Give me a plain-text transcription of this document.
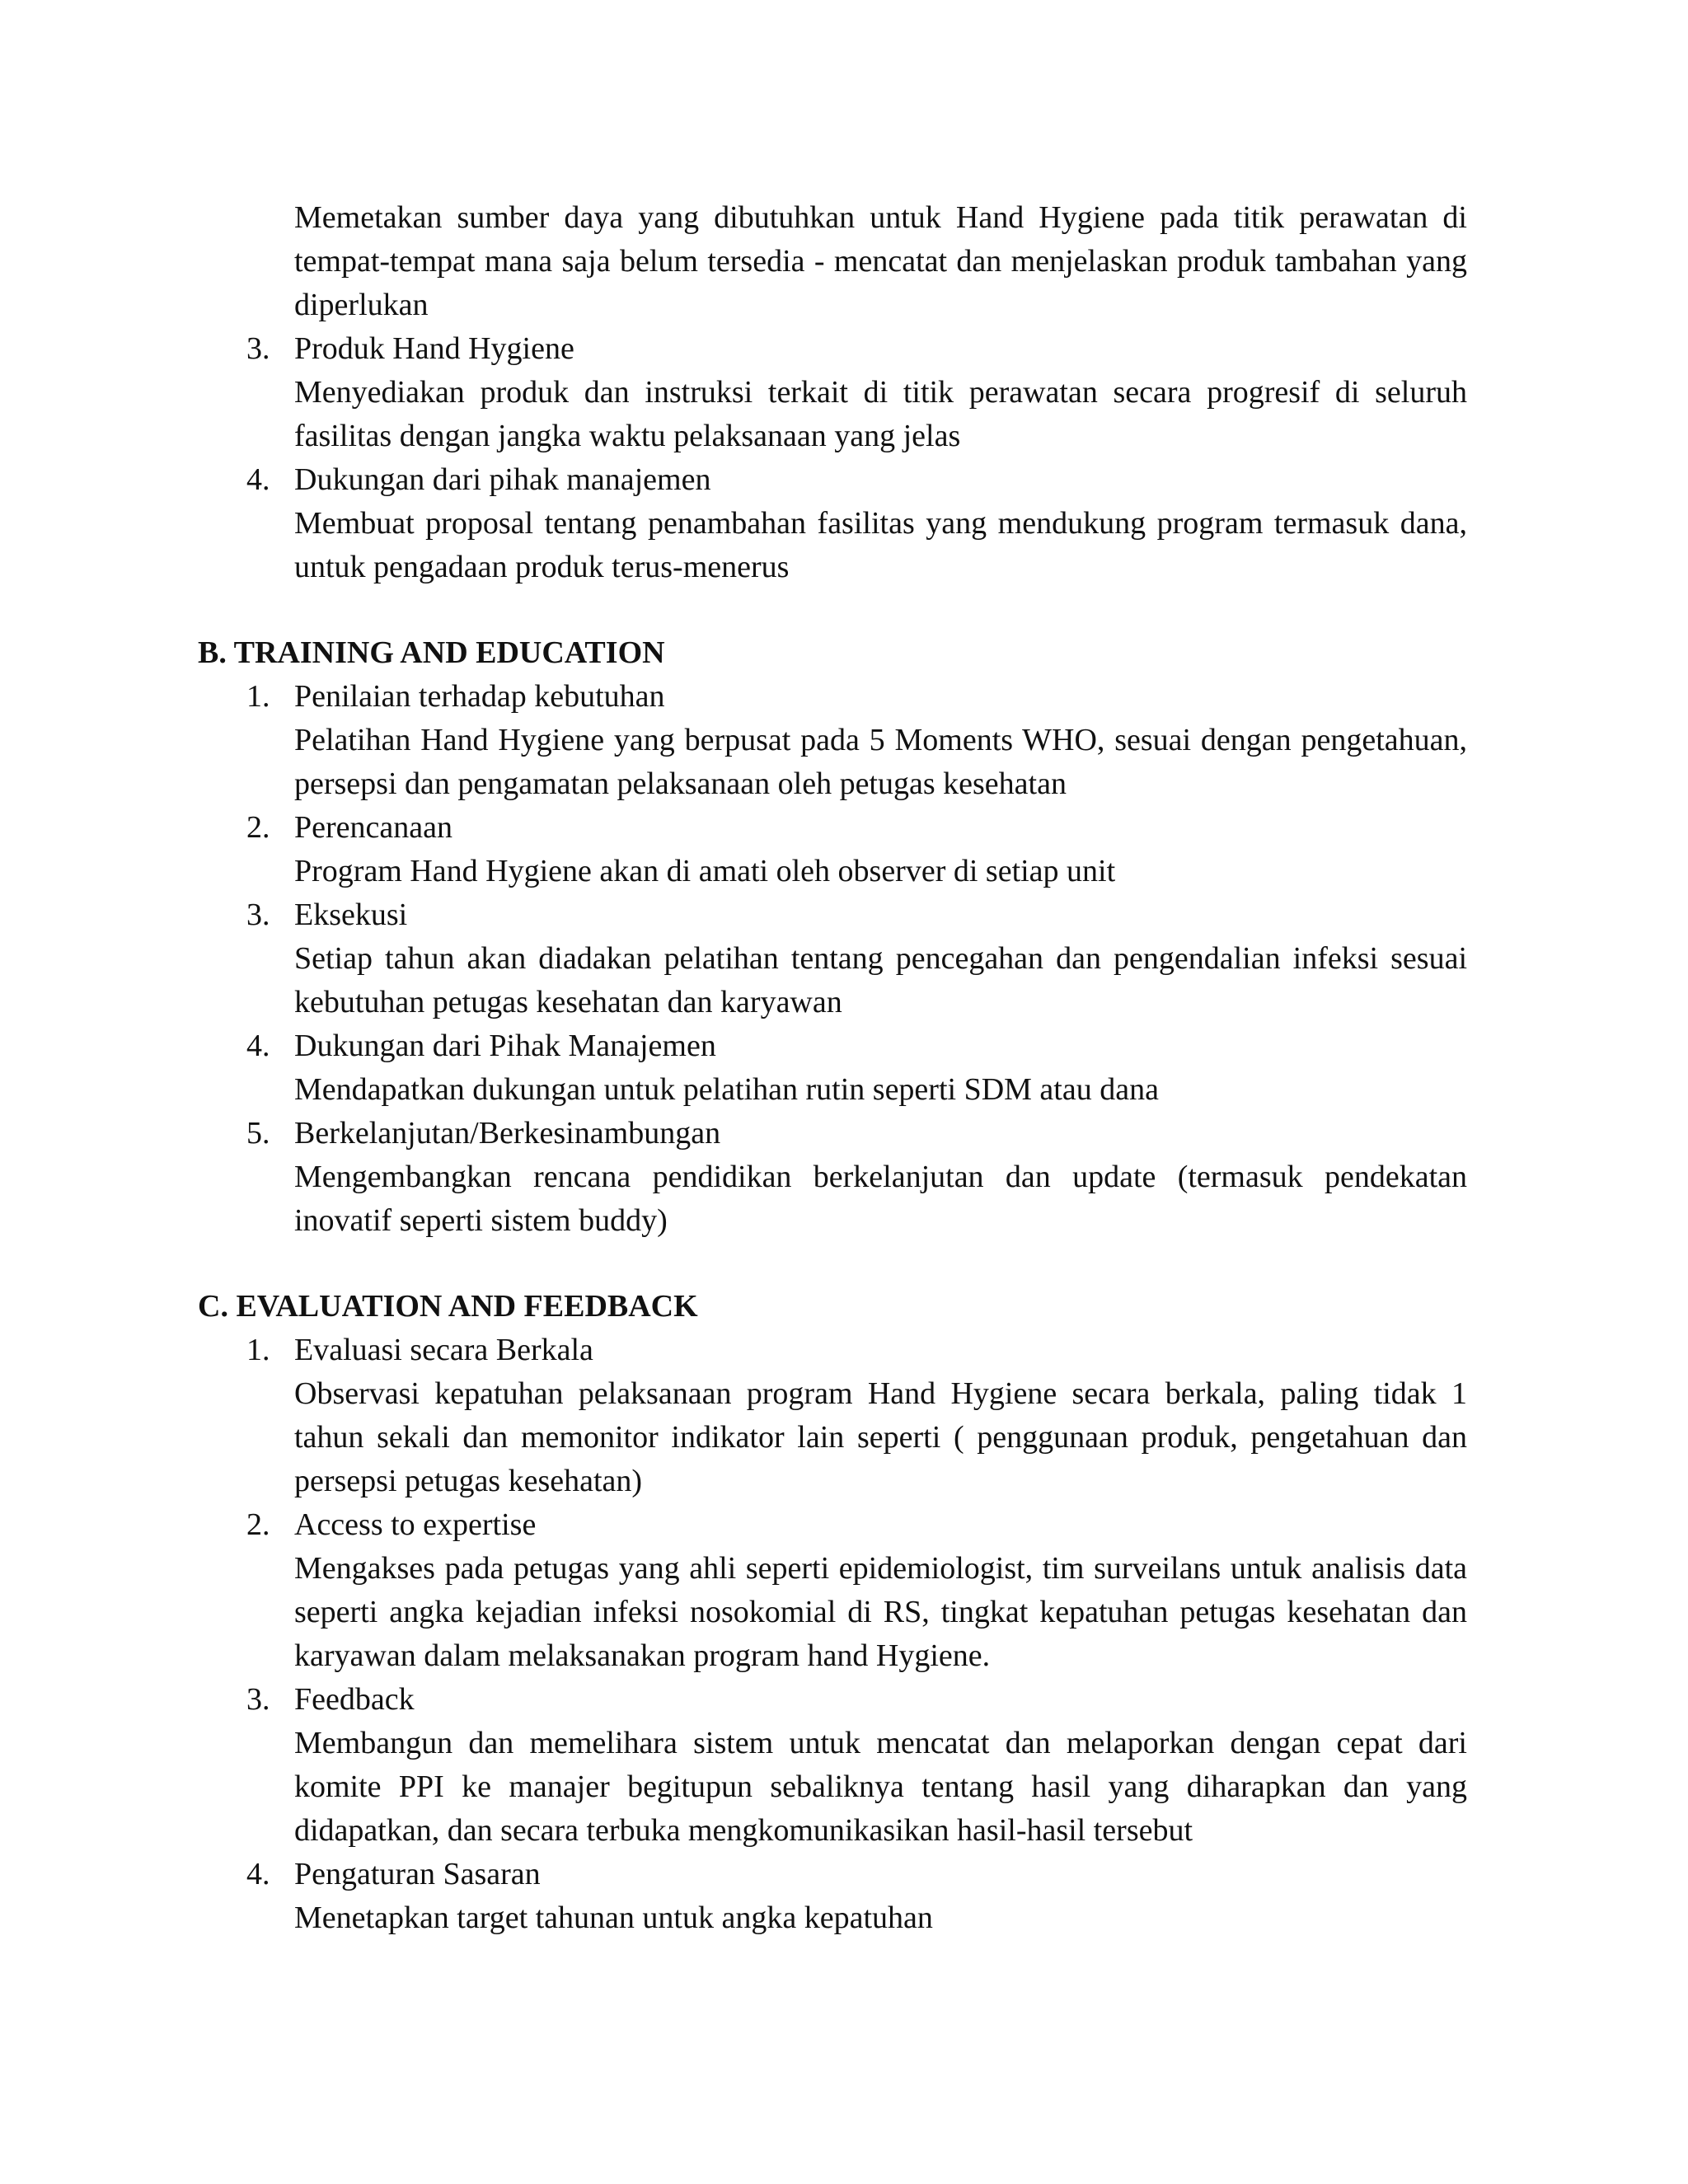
Memetakan sumber daya yang dibutuhkan untuk Hand Hygiene pada titik perawatan di tempat-tempat mana saja belum tersedia - mencatat dan menjelaskan produk tambahan yang diperlukan
3. Produk Hand Hygiene
Menyediakan produk dan instruksi terkait di titik perawatan secara progresif di seluruh fasilitas dengan jangka waktu pelaksanaan yang jelas
4. Dukungan dari pihak manajemen
Membuat proposal tentang penambahan fasilitas yang mendukung program termasuk dana, untuk pengadaan produk terus-menerus
B. TRAINING AND EDUCATION
1. Penilaian terhadap kebutuhan
Pelatihan Hand Hygiene yang berpusat pada 5 Moments WHO, sesuai dengan pengetahuan, persepsi dan pengamatan pelaksanaan oleh petugas kesehatan
2. Perencanaan
Program Hand Hygiene akan di amati oleh observer di setiap unit
3. Eksekusi
Setiap tahun akan diadakan pelatihan tentang pencegahan dan pengendalian infeksi sesuai kebutuhan petugas kesehatan dan karyawan
4. Dukungan dari Pihak Manajemen
Mendapatkan dukungan untuk pelatihan rutin seperti SDM atau dana
5. Berkelanjutan/Berkesinambungan
Mengembangkan rencana pendidikan berkelanjutan dan update (termasuk pendekatan inovatif seperti sistem buddy)
C. EVALUATION AND FEEDBACK
1. Evaluasi secara Berkala
Observasi kepatuhan pelaksanaan program Hand Hygiene secara berkala, paling tidak 1 tahun sekali dan memonitor indikator lain seperti ( penggunaan produk, pengetahuan dan persepsi petugas kesehatan)
2. Access to expertise
Mengakses pada petugas yang ahli seperti epidemiologist, tim surveilans untuk analisis data seperti angka kejadian infeksi nosokomial di RS, tingkat kepatuhan petugas kesehatan dan karyawan dalam melaksanakan program hand Hygiene.
3. Feedback
Membangun dan memelihara sistem untuk mencatat dan melaporkan dengan cepat dari komite PPI ke manajer begitupun sebaliknya tentang hasil yang diharapkan dan yang didapatkan, dan secara terbuka mengkomunikasikan hasil-hasil tersebut
4. Pengaturan Sasaran
Menetapkan target tahunan untuk angka kepatuhan
